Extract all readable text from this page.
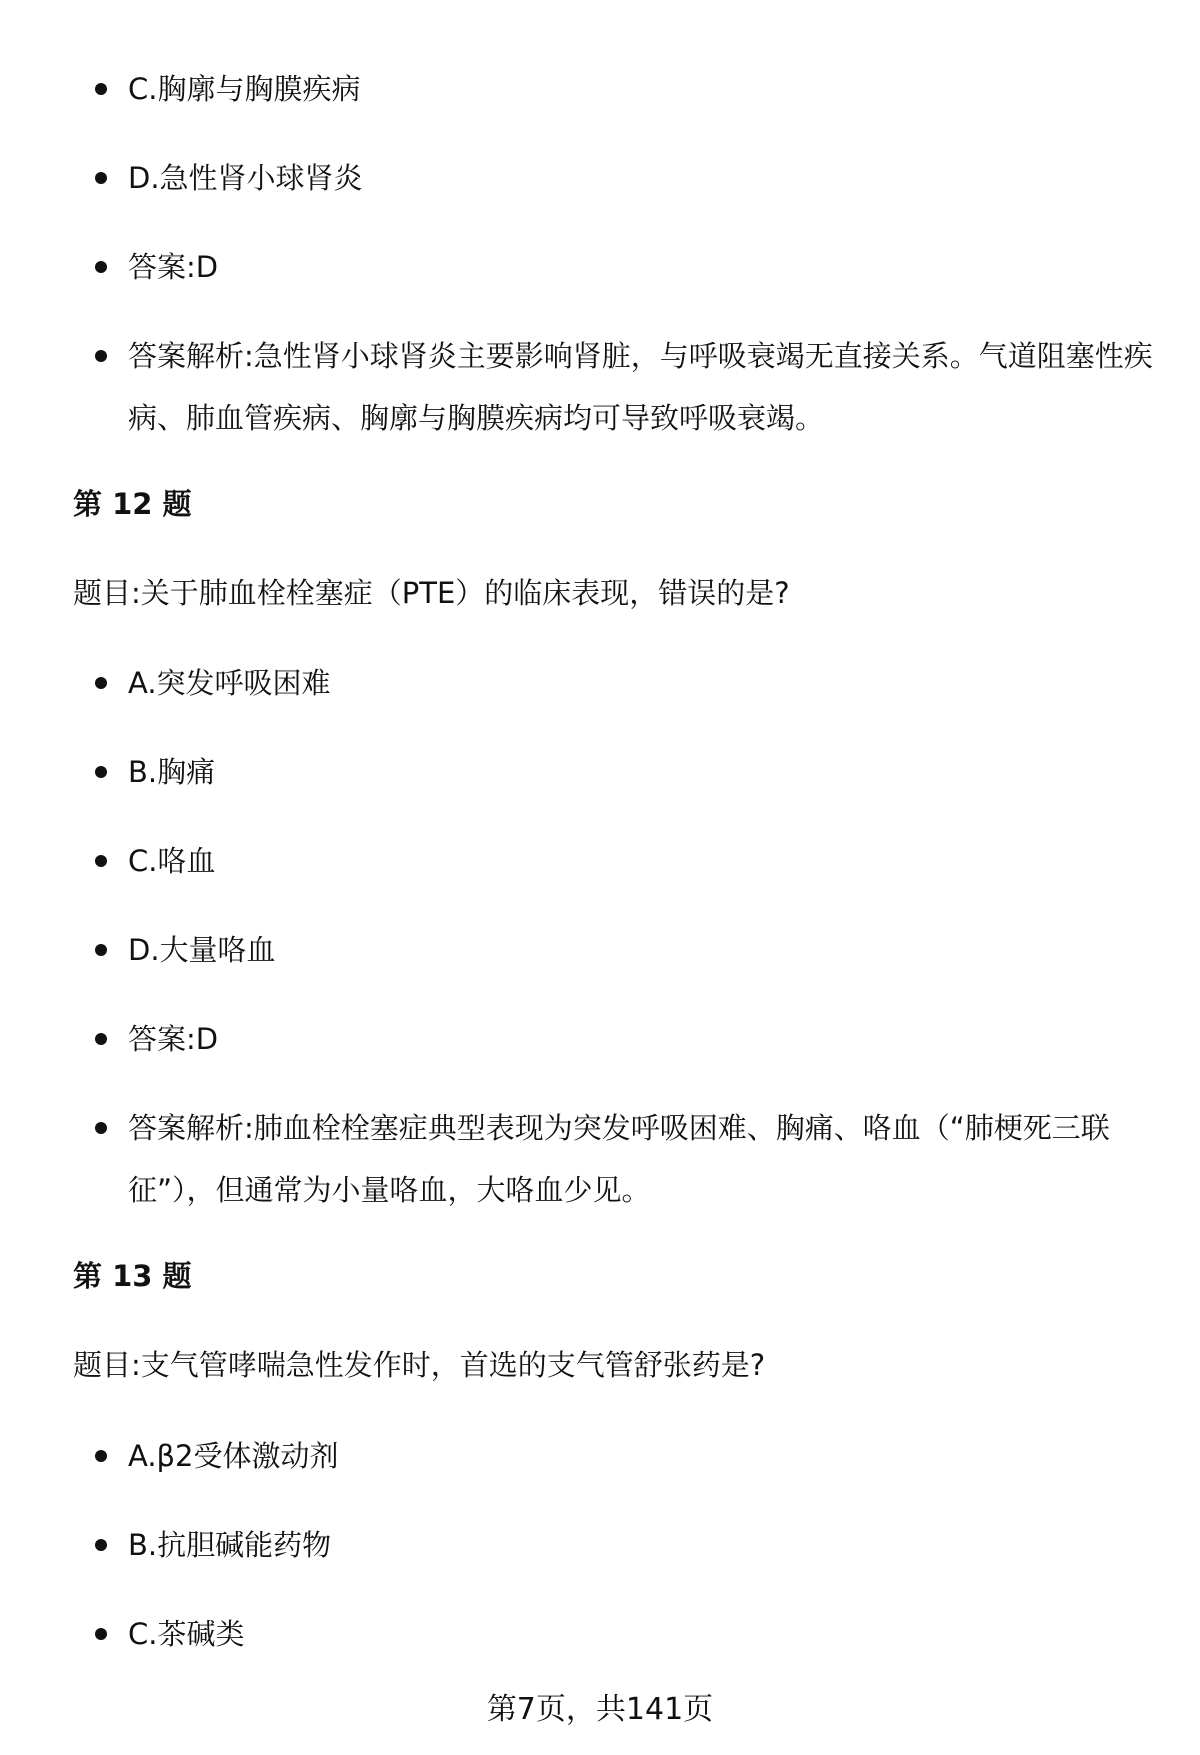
C.胸廓与胸膜疾病
D.急性肾小球肾炎
答案:D
答案解析:急性肾小球肾炎主要影响肾脏，与呼吸衰竭无直接关系。气道阻塞性疾病、肺血管疾病、胸廓与胸膜疾病均可导致呼吸衰竭。
第 12 题
题目:关于肺血栓栓塞症（PTE）的临床表现，错误的是?
A.突发呼吸困难
B.胸痛
C.咯血
D.大量咯血
答案:D
答案解析:肺血栓栓塞症典型表现为突发呼吸困难、胸痛、咯血（“肺梗死三联征”），但通常为小量咯血，大咯血少见。
第 13 题
题目:支气管哮喘急性发作时，首选的支气管舒张药是?
A.β2受体激动剂
B.抗胆碱能药物
C.茶碱类
第7页，共141页
